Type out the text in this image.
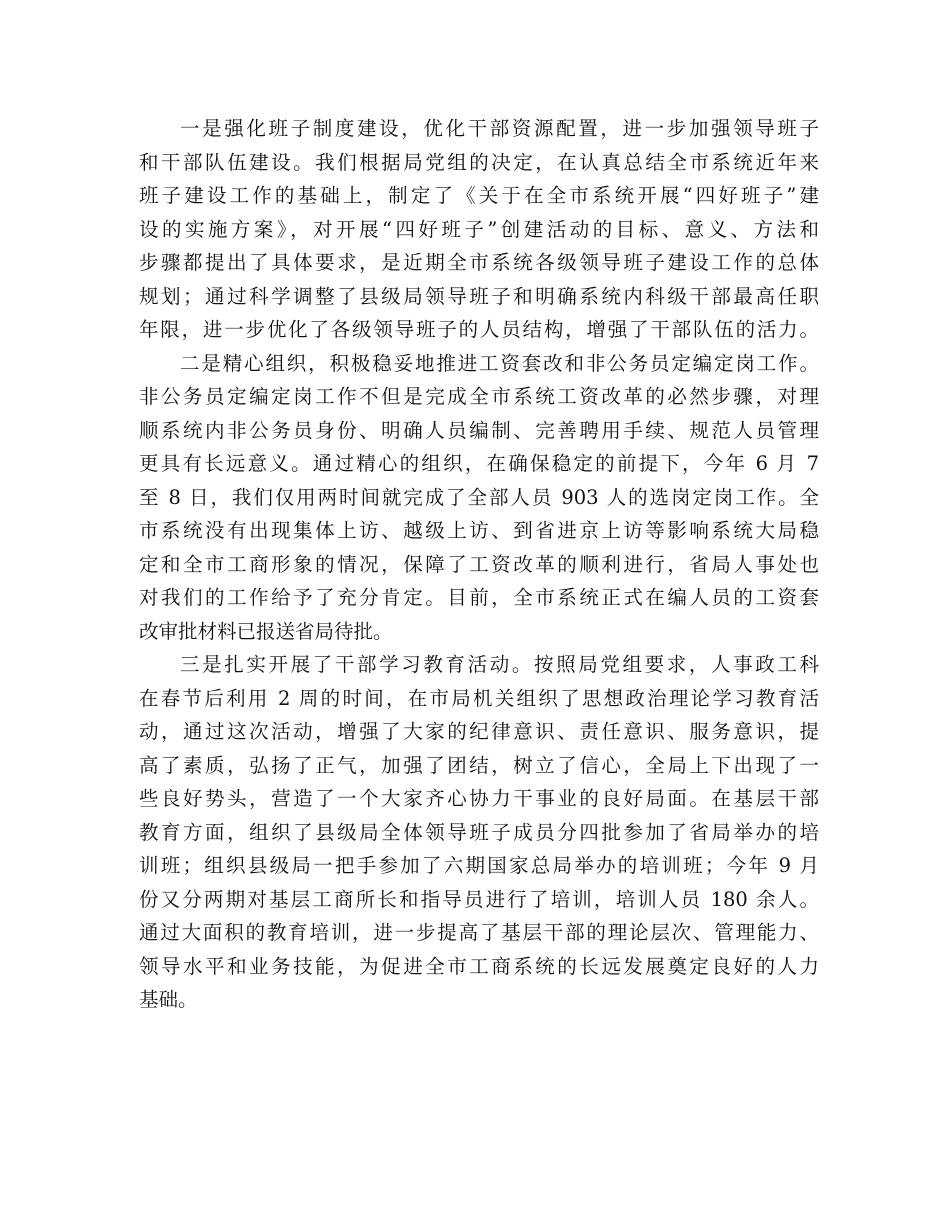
一是强化班子制度建设，优化干部资源配置，进一步加强领导班子
和干部队伍建设。我们根据局党组的决定，在认真总结全市系统近年来
班子建设工作的基础上，制定了《关于在全市系统开展“四好班子”建
设的实施方案》，对开展“四好班子”创建活动的目标、意义、方法和
步骤都提出了具体要求，是近期全市系统各级领导班子建设工作的总体
规划；通过科学调整了县级局领导班子和明确系统内科级干部最高任职
年限，进一步优化了各级领导班子的人员结构，增强了干部队伍的活力。
二是精心组织，积极稳妥地推进工资套改和非公务员定编定岗工作。
非公务员定编定岗工作不但是完成全市系统工资改革的必然步骤，对理
顺系统内非公务员身份、明确人员编制、完善聘用手续、规范人员管理
更具有长远意义。通过精心的组织，在确保稳定的前提下，今年 6 月 7
至 8 日，我们仅用两时间就完成了全部人员 903 人的选岗定岗工作。全
市系统没有出现集体上访、越级上访、到省进京上访等影响系统大局稳
定和全市工商形象的情况，保障了工资改革的顺利进行，省局人事处也
对我们的工作给予了充分肯定。目前，全市系统正式在编人员的工资套
改审批材料已报送省局待批。
三是扎实开展了干部学习教育活动。按照局党组要求，人事政工科
在春节后利用 2 周的时间，在市局机关组织了思想政治理论学习教育活
动，通过这次活动，增强了大家的纪律意识、责任意识、服务意识，提
高了素质，弘扬了正气，加强了团结，树立了信心，全局上下出现了一
些良好势头，营造了一个大家齐心协力干事业的良好局面。在基层干部
教育方面，组织了县级局全体领导班子成员分四批参加了省局举办的培
训班；组织县级局一把手参加了六期国家总局举办的培训班；今年 9 月
份又分两期对基层工商所长和指导员进行了培训，培训人员 180 余人。
通过大面积的教育培训，进一步提高了基层干部的理论层次、管理能力、
领导水平和业务技能，为促进全市工商系统的长远发展奠定良好的人力
基础。
